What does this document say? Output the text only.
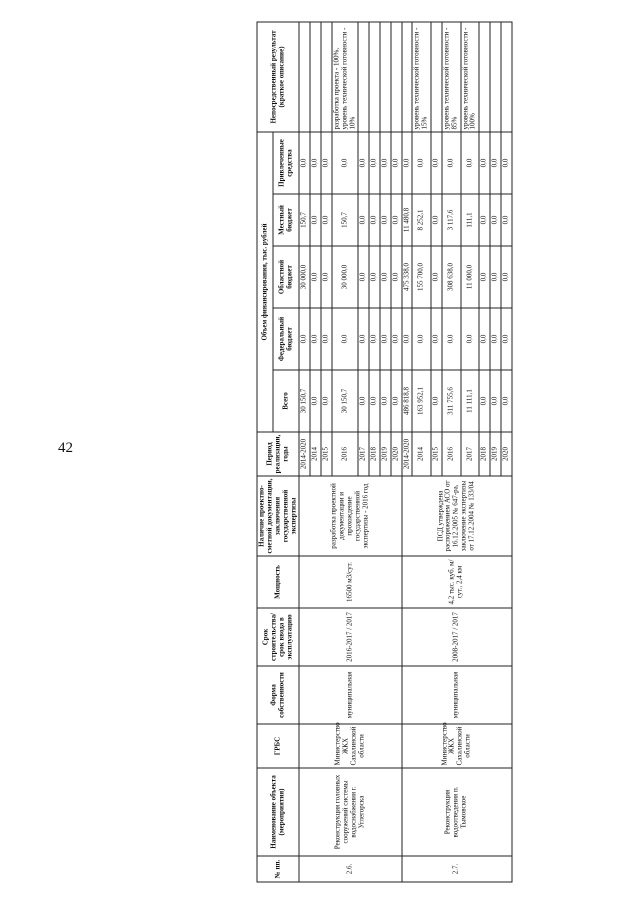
42
№ пп.	Наименование объекта (мероприятия)	ГРБС	Форма собственности	Срок строительства/ срок ввода в эксплуатацию	Мощность	Наличие проектно-сметной документации, заключения государственной экспертизы	Период реализации, годы	Объем финансирования, тыс. рублей					Непосредственный результат (краткое описание)
								Всего	Федеральный бюджет	Областной бюджет	Местный бюджет	Привлеченные средства	
2.6.	Реконструкция головных сооружений системы водоснабжения г. Углегорска	Министерство ЖКХ Сахалинской области	муниципальная	2016-2017 / 2017	16500 м3/сут.	разработка проектной документации и прохождение государственной экспертизы - 2016 год	2014-2020	30 150,7	0,0	30 000,0	150,7	0,0	
							2014	0,0	0,0	0,0	0,0	0,0	
							2015	0,0	0,0	0,0	0,0	0,0	
							2016	30 150,7	0,0	30 000,0	150,7	0,0	разработка проекта - 100%, уровень технической готовности - 10%
							2017	0,0	0,0	0,0	0,0	0,0	
							2018	0,0	0,0	0,0	0,0	0,0	
							2019	0,0	0,0	0,0	0,0	0,0	
							2020	0,0	0,0	0,0	0,0	0,0	
2.7.	Реконструкция водоотведения п. Тымовское	Министерство ЖКХ Сахалинской области	муниципальная	2008-2017 / 2017	4,2 тыс. куб. м/сут., 2,4 км	ПСД утверждена распоряжением АСО от 16.12.2005 № 647-ра, заключение экспертизы от 17.12.2004 № 133/04	2014-2020	486 818,8	0,0	475 338,0	11 480,8	0,0	
							2014	163 952,1	0,0	155 700,0	8 252,1	0,0	уровень технической готовности - 15%
							2015	0,0	0,0	0,0	0,0	0,0	
							2016	311 755,6	0,0	308 638,0	3 117,6	0,0	уровень технической готовности - 85%
							2017	11 111,1	0,0	11 000,0	111,1	0,0	уровень технической готовности - 100%
							2018	0,0	0,0	0,0	0,0	0,0	
							2019	0,0	0,0	0,0	0,0	0,0	
							2020	0,0	0,0	0,0	0,0	0,0	
